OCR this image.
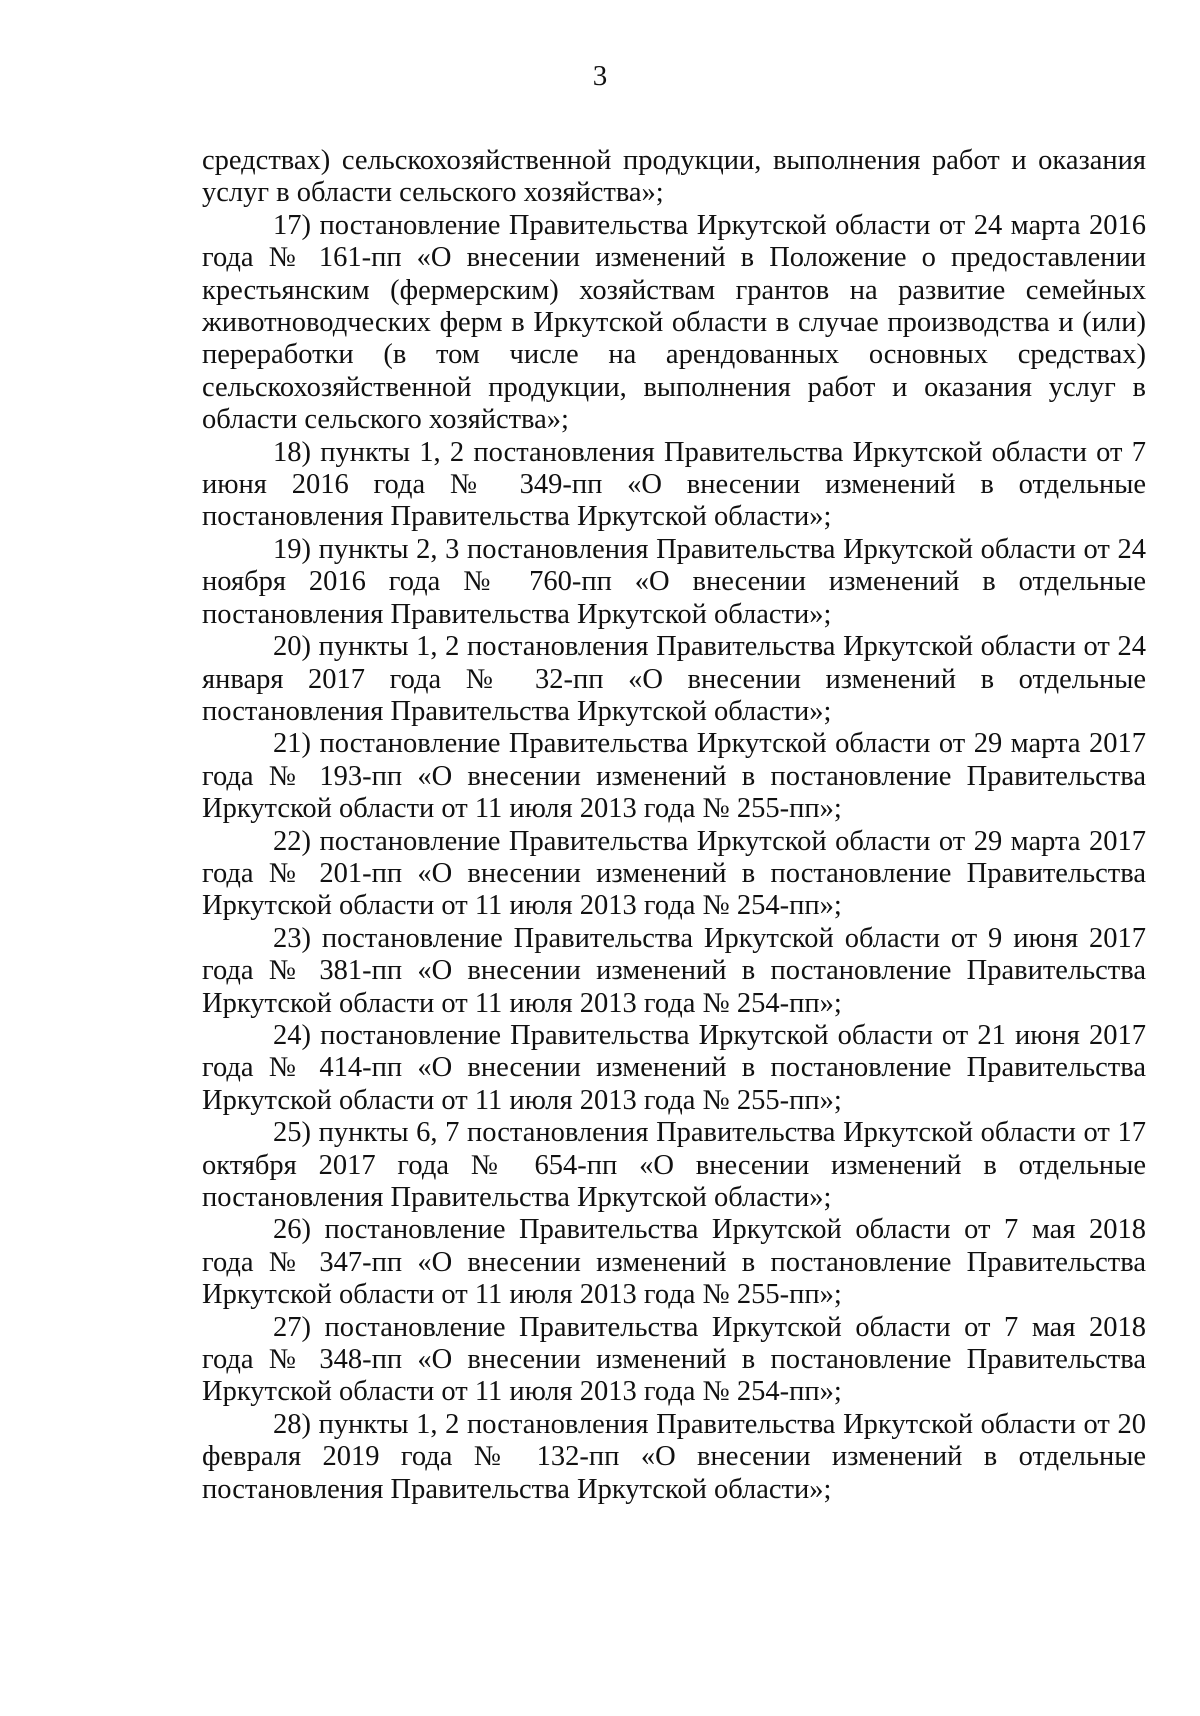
3

средствах) сельскохозяйственной продукции, выполнения работ и оказания услуг в области сельского хозяйства»;

17) постановление Правительства Иркутской области от 24 марта 2016 года № 161-пп «О внесении изменений в Положение о предоставлении крестьянским (фермерским) хозяйствам грантов на развитие семейных животноводческих ферм в Иркутской области в случае производства и (или) переработки (в том числе на арендованных основных средствах) сельскохозяйственной продукции, выполнения работ и оказания услуг в области сельского хозяйства»;

18) пункты 1, 2 постановления Правительства Иркутской области от 7 июня 2016 года № 349-пп «О внесении изменений в отдельные постановления Правительства Иркутской области»;

19) пункты 2, 3 постановления Правительства Иркутской области от 24 ноября 2016 года № 760-пп «О внесении изменений в отдельные постановления Правительства Иркутской области»;

20) пункты 1, 2 постановления Правительства Иркутской области от 24 января 2017 года № 32-пп «О внесении изменений в отдельные постановления Правительства Иркутской области»;

21) постановление Правительства Иркутской области от 29 марта 2017 года № 193-пп «О внесении изменений в постановление Правительства Иркутской области от 11 июля 2013 года № 255-пп»;

22) постановление Правительства Иркутской области от 29 марта 2017 года № 201-пп «О внесении изменений в постановление Правительства Иркутской области от 11 июля 2013 года № 254-пп»;

23) постановление Правительства Иркутской области от 9 июня 2017 года № 381-пп «О внесении изменений в постановление Правительства Иркутской области от 11 июля 2013 года № 254-пп»;

24) постановление Правительства Иркутской области от 21 июня 2017 года № 414-пп «О внесении изменений в постановление Правительства Иркутской области от 11 июля 2013 года № 255-пп»;

25) пункты 6, 7 постановления Правительства Иркутской области от 17 октября 2017 года № 654-пп «О внесении изменений в отдельные постановления Правительства Иркутской области»;

26) постановление Правительства Иркутской области от 7 мая 2018 года № 347-пп «О внесении изменений в постановление Правительства Иркутской области от 11 июля 2013 года № 255-пп»;

27) постановление Правительства Иркутской области от 7 мая 2018 года № 348-пп «О внесении изменений в постановление Правительства Иркутской области от 11 июля 2013 года № 254-пп»;

28) пункты 1, 2 постановления Правительства Иркутской области от 20 февраля 2019 года № 132-пп «О внесении изменений в отдельные постановления Правительства Иркутской области»;
